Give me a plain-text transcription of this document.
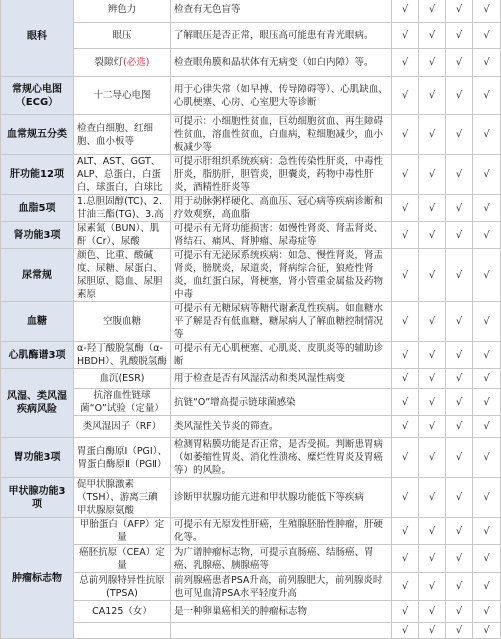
眼科	辨色力	检查有无色盲等	√	√	√	√
	眼压	了解眼压是否正常，眼压高可能患有青光眼病。	√	√	√	√
	裂隙灯(必选)	检查眼角膜和晶状体有无病变（如白内障）等。	√	√	√	√
常规心电图（ECG）	十二导心电图	用于心律失常（如早搏、传导障碍等）、心肌缺血、心肌梗塞、心房、心室肥大等诊断	√	√	√	√
血常规五分类	检查白细胞、红细胞、血小板等	可提示：小细胞性贫血，巨幼细胞贫血、再生障碍性贫血，溶血性贫血，白血病，粒细胞减少，血小板减少等	√	√	√	√
肝功能12项	ALT、AST、GGT、ALP、总蛋白，白蛋白，球蛋白，白球比	可提示肝组织系统疾病：急性传染性肝炎，中毒性肝炎，脂肪肝，胆管炎，胆囊炎，药物中毒性肝炎，酒精性肝炎等	√	√	√	√
血脂5项	1.总胆固醇(TC)、2.甘油三酯(TG)、3.高	用于动脉粥样硬化、高血压、冠心病等疾病诊断和疗效观察，高血脂	√	√	√	√
肾功能3项	尿素氮（BUN）、肌酐（Cr）、尿酸	可提示有无肾功能损害：如慢性肾炎、肾盂肾炎、肾结石、痛风、肾肿瘤、尿毒症等	√	√	√	√
尿常规	颜色、比重、酸碱度、尿糖、尿蛋白、尿胆原、隐血、尿胆素原	可提示有无泌尿系统疾病：如急、慢性肾炎，肾盂肾炎，膀胱炎，尿道炎，肾病综合征，狼疮性肾炎，血红蛋白尿，肾梗塞，肾小管重金属盐及药物中毒	√	√	√	√
血糖	空腹血糖	可提示有无糖尿病等糖代谢紊乱性疾病。如血糖水平了解是否有低血糖，糖尿病人了解血糖控制情况等	√	√	√	√
心肌酶谱3项	α-羟丁酸脱氢酶（α-HBDH）、乳酸脱氢酶	可提示有无心肌梗塞、心肌炎、皮肌炎等的辅助诊断	√	√	√	√
风湿、类风湿疾病风险	血沉(ESR)	用于检查是否有风湿活动和类风湿性病变	√	√	√	√
	抗溶血性链球菌“O”试验（定量）	抗链“O”增高提示链球菌感染	√	√	√	√
	类风湿因子（RF）	类风湿性关节炎的筛查。	√	√	√	√
胃功能3项	胃蛋白酶原Ⅰ（PGⅠ）、胃蛋白酶原Ⅱ（PGⅡ）	检测胃粘膜功能是否正常，是否受损。判断患胃病（如萎缩性胃炎、消化性溃疡、糜烂性胃炎及胃癌等）的风险。	√	√	√	√
甲状腺功能3项	促甲状腺激素（TSH）、游离三碘甲状腺原氨酸	诊断甲状腺功能亢进和甲状腺功能低下等疾病	√	√	√	√
肿瘤标志物	甲胎蛋白（AFP）定量	可提示有无原发性肝癌，生殖腺胚胎性肿瘤，肝硬化等。	√	√	√	√
	癌胚抗原（CEA）定量	为广谱肿瘤标志物，可提示直肠癌、结肠癌、胃癌、乳腺癌、胰腺癌等	√	√	√	√
	总前列腺特异性抗原(TPSA)	前列腺癌患者PSA升高，前列腺肥大，前列腺炎时也可见血清PSA水平轻度升高	√	√	√	√
	CA125（女）	是一种卵巢癌相关的肿瘤标志物	√	√	√	√
			√	√	√	√
